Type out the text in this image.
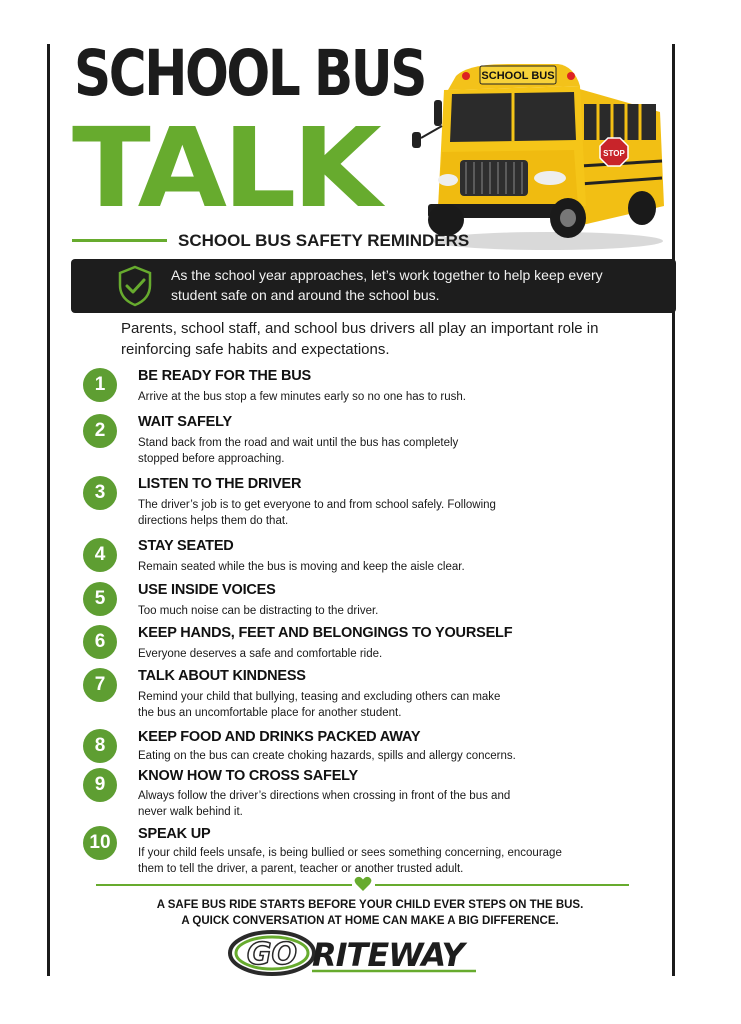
SCHOOL BUS
TALK
SCHOOL BUS
STOP
SCHOOL BUS SAFETY REMINDERS
As the school year approaches, let’s work together to help keep every student safe on and around the school bus.
Parents, school staff, and school bus drivers all play an important role in reinforcing safe habits and expectations.
1	BE READY FOR THE BUS
Arrive at the bus stop a few minutes early so no one has to rush.
2	WAIT SAFELY
Stand back from the road and wait until the bus has completely stopped before approaching.
3	LISTEN TO THE DRIVER
The driver’s job is to get everyone to and from school safely. Following directions helps them do that.
4	STAY SEATED
Remain seated while the bus is moving and keep the aisle clear.
5	USE INSIDE VOICES
Too much noise can be distracting to the driver.
6	KEEP HANDS, FEET AND BELONGINGS TO YOURSELF
Everyone deserves a safe and comfortable ride.
7	TALK ABOUT KINDNESS
Remind your child that bullying, teasing and excluding others can make the bus an uncomfortable place for another student.
8	KEEP FOOD AND DRINKS PACKED AWAY
Eating on the bus can create choking hazards, spills and allergy concerns.
9	KNOW HOW TO CROSS SAFELY
Always follow the driver’s directions when crossing in front of the bus and never walk behind it.
10	SPEAK UP
If your child feels unsafe, is being bullied or sees something concerning, encourage them to tell the driver, a parent, teacher or another trusted adult.
A SAFE BUS RIDE STARTS BEFORE YOUR CHILD EVER STEPS ON THE BUS.
A QUICK CONVERSATION AT HOME CAN MAKE A BIG DIFFERENCE.
GO RITEWAY
